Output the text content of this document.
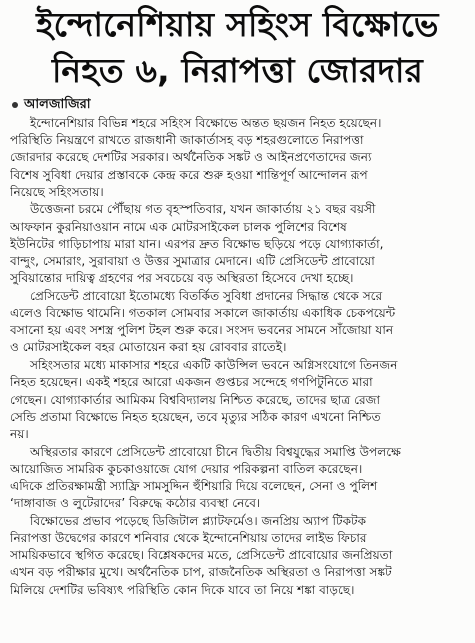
ইন্দোনেশিয়ায় সহিংস বিক্ষোভে
নিহত ৬, নিরাপত্তা জোরদার
আলজাজিরা
ইন্দোনেশিয়ার বিভিন্ন শহরে সহিংস বিক্ষোভে অন্তত ছয়জন নিহত হয়েছেন।
পরিস্থিতি নিয়ন্ত্রণে রাখতে রাজধানী জাকার্তাসহ বড় শহরগুলোতে নিরাপত্তা
জোরদার করেছে দেশটির সরকার। অর্থনৈতিক সঙ্কট ও আইনপ্রণেতাদের জন্য
বিশেষ সুবিধা দেয়ার প্রস্তাবকে কেন্দ্র করে শুরু হওয়া শান্তিপূর্ণ আন্দোলন রূপ
নিয়েছে সহিংসতায়।
উত্তেজনা চরমে পৌঁছায় গত বৃহস্পতিবার, যখন জাকার্তায় ২১ বছর বয়সী
আফফান কুরনিয়াওয়ান নামে এক মোটরসাইকেল চালক পুলিশের বিশেষ
ইউনিটের গাড়িচাপায় মারা যান। এরপর দ্রুত বিক্ষোভ ছড়িয়ে পড়ে যোগ্যাকার্তা,
বান্দুং, সেমারাং, সুরাবায়া ও উত্তর সুমাত্রার মেদানে। এটি প্রেসিডেন্ট প্রাবোয়ো
সুবিয়ান্তোর দায়িত্ব গ্রহণের পর সবচেয়ে বড় অস্থিরতা হিসেবে দেখা হচ্ছে।
প্রেসিডেন্ট প্রাবোয়ো ইতোমধ্যে বিতর্কিত সুবিধা প্রদানের সিদ্ধান্ত থেকে সরে
এলেও বিক্ষোভ থামেনি। গতকাল সোমবার সকালে জাকার্তায় একাধিক চেকপয়েন্ট
বসানো হয় এবং সশস্ত্র পুলিশ টহল শুরু করে। সংসদ ভবনের সামনে সাঁজোয়া যান
ও মোটরসাইকেল বহর মোতায়েন করা হয় রোববার রাতেই।
সহিংসতার মধ্যে মাকাসার শহরে একটি কাউন্সিল ভবনে অগ্নিসংযোগে তিনজন
নিহত হয়েছেন। একই শহরে আরো একজন গুপ্তচর সন্দেহে গণপিটুনিতে মারা
গেছেন। যোগ্যাকার্তার আমিকম বিশ্ববিদ্যালয় নিশ্চিত করেছে, তাদের ছাত্র রেজা
সেন্ডি প্রতামা বিক্ষোভে নিহত হয়েছেন, তবে মৃত্যুর সঠিক কারণ এখনো নিশ্চিত
নয়।
অস্থিরতার কারণে প্রেসিডেন্ট প্রাবোয়ো চীনে দ্বিতীয় বিশ্বযুদ্ধের সমাপ্তি উপলক্ষে
আয়োজিত সামরিক কুচকাওয়াজে যোগ দেয়ার পরিকল্পনা বাতিল করেছেন।
এদিকে প্রতিরক্ষামন্ত্রী স্যাফ্রি সামসুদ্দিন হুঁশিয়ারি দিয়ে বলেছেন, সেনা ও পুলিশ
‘দাঙ্গাবাজ ও লুটেরাদের’ বিরুদ্ধে কঠোর ব্যবস্থা নেবে।
বিক্ষোভের প্রভাব পড়েছে ডিজিটাল প্ল্যাটফর্মেও। জনপ্রিয় অ্যাপ টিকটক
নিরাপত্তা উদ্বেগের কারণে শনিবার থেকে ইন্দোনেশিয়ায় তাদের লাইভ ফিচার
সাময়িকভাবে স্থগিত করেছে। বিশ্লেষকদের মতে, প্রেসিডেন্ট প্রাবোয়োর জনপ্রিয়তা
এখন বড় পরীক্ষার মুখে। অর্থনৈতিক চাপ, রাজনৈতিক অস্থিরতা ও নিরাপত্তা সঙ্কট
মিলিয়ে দেশটির ভবিষ্যৎ পরিস্থিতি কোন দিকে যাবে তা নিয়ে শঙ্কা বাড়ছে।
